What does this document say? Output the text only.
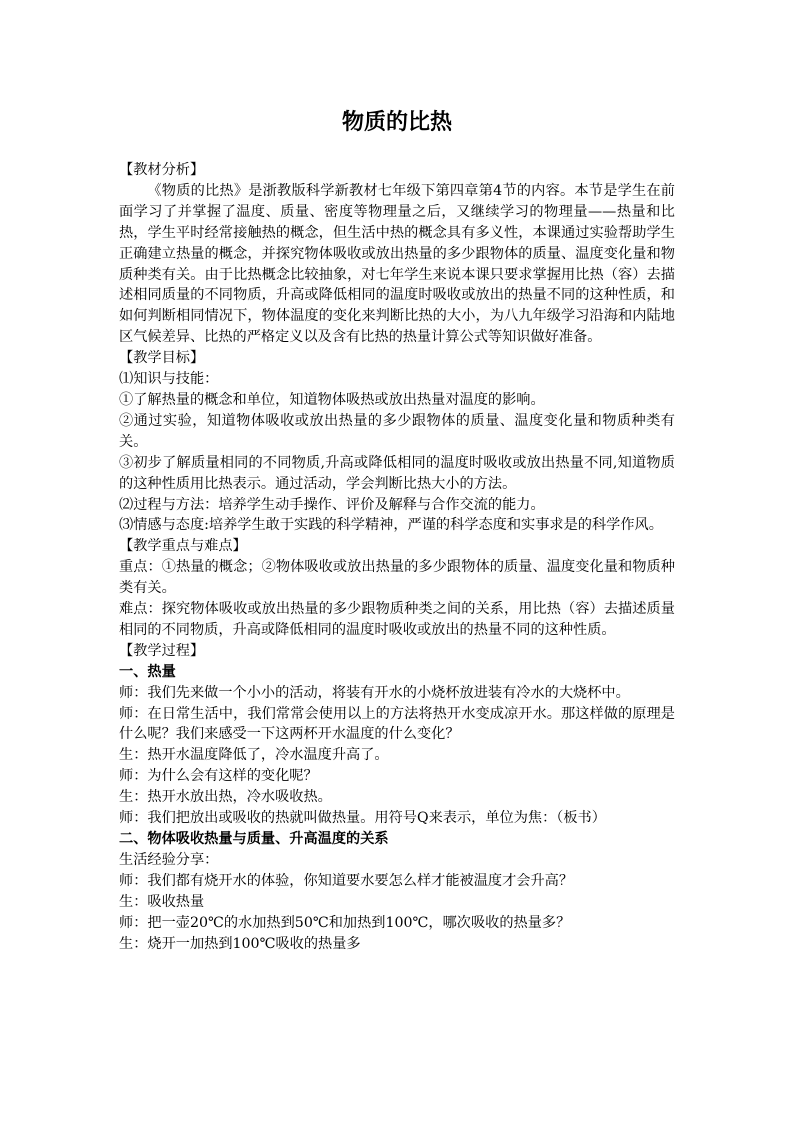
物质的比热

【教材分析】

《物质的比热》是浙教版科学新教材七年级下第四章第4节的内容。本节是学生在前面学习了并掌握了温度、质量、密度等物理量之后，又继续学习的物理量——热量和比热，学生平时经常接触热的概念，但生活中热的概念具有多义性，本课通过实验帮助学生正确建立热量的概念，并探究物体吸收或放出热量的多少跟物体的质量、温度变化量和物质种类有关。由于比热概念比较抽象，对七年学生来说本课只要求掌握用比热（容）去描述相同质量的不同物质，升高或降低相同的温度时吸收或放出的热量不同的这种性质，和如何判断相同情况下，物体温度的变化来判断比热的大小，为八九年级学习沿海和内陆地区气候差异、比热的严格定义以及含有比热的热量计算公式等知识做好准备。

【教学目标】

⑴知识与技能：

①了解热量的概念和单位，知道物体吸热或放出热量对温度的影响。

②通过实验，知道物体吸收或放出热量的多少跟物体的质量、温度变化量和物质种类有关。

③初步了解质量相同的不同物质,升高或降低相同的温度时吸收或放出热量不同,知道物质的这种性质用比热表示。通过活动，学会判断比热大小的方法。

⑵过程与方法：培养学生动手操作、评价及解释与合作交流的能力。

⑶情感与态度:培养学生敢于实践的科学精神，严谨的科学态度和实事求是的科学作风。

【教学重点与难点】

重点：①热量的概念；②物体吸收或放出热量的多少跟物体的质量、温度变化量和物质种类有关。

难点：探究物体吸收或放出热量的多少跟物质种类之间的关系，用比热（容）去描述质量相同的不同物质，升高或降低相同的温度时吸收或放出的热量不同的这种性质。

【教学过程】

一、热量

师：我们先来做一个小小的活动，将装有开水的小烧杯放进装有冷水的大烧杯中。

师：在日常生活中，我们常常会使用以上的方法将热开水变成凉开水。那这样做的原理是什么呢？我们来感受一下这两杯开水温度的什么变化？

生：热开水温度降低了，冷水温度升高了。

师：为什么会有这样的变化呢？

生：热开水放出热，冷水吸收热。

师：我们把放出或吸收的热就叫做热量。用符号Q来表示，单位为焦：（板书）

二、物体吸收热量与质量、升高温度的关系

生活经验分享：

师：我们都有烧开水的体验，你知道要水要怎么样才能被温度才会升高？

生：吸收热量

师：把一壶20℃的水加热到50℃和加热到100℃，哪次吸收的热量多？

生：烧开一加热到100℃吸收的热量多
